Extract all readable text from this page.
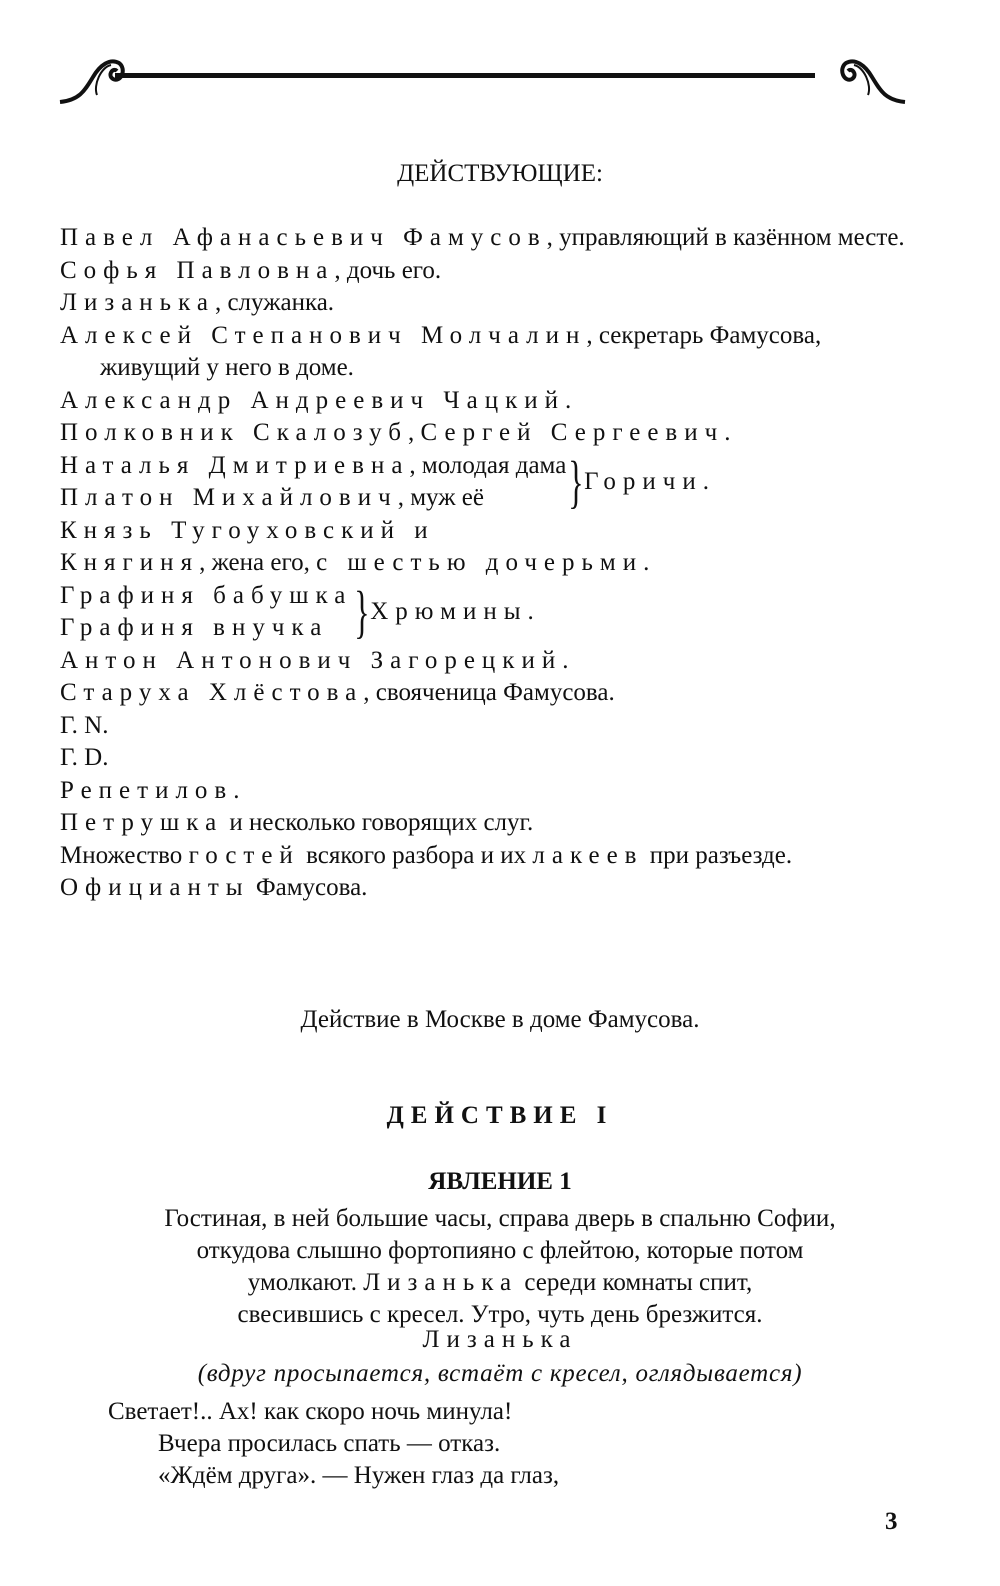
ДЕЙСТВУЮЩИЕ:
Павел Афанасьевич Фамусов, управляющий в казённом месте.
Софья Павловна, дочь его.
Лизанька, служанка.
Алексей Степанович Молчалин, секретарь Фамусова, живущий у него в доме.
Александр Андреевич Чацкий.
Полковник Скалозуб, Сергей Сергеевич.
Наталья Дмитриевна, молодая дама
Платон Михайлович, муж её	} Горичи.
Князь Тугоуховский и
Княгиня, жена его, с шестью дочерьми.
Графиня бабушка
Графиня внучка } Хрюмины.
Антон Антонович Загорецкий.
Старуха Хлёстова, свояченица Фамусова.
Г. N.
Г. D.
Репетилов.
Петрушка и несколько говорящих слуг.
Множество гостей всякого разбора и их лакеев при разъезде.
Официанты Фамусова.
Действие в Москве в доме Фамусова.
ДЕЙСТВИЕ I
ЯВЛЕНИЕ 1
Гостиная, в ней большие часы, справа дверь в спальню Софии,
откудова слышно фортопияно с флейтою, которые потом
умолкают. Лизанька середи комнаты спит,
свесившись с кресел. Утро, чуть день брезжится.
Лизанька
(вдруг просыпается, встаёт с кресел, оглядывается)
Светает!.. Ах! как скоро ночь минула!
Вчера просилась спать — отказ.
«Ждём друга». — Нужен глаз да глаз,
3
